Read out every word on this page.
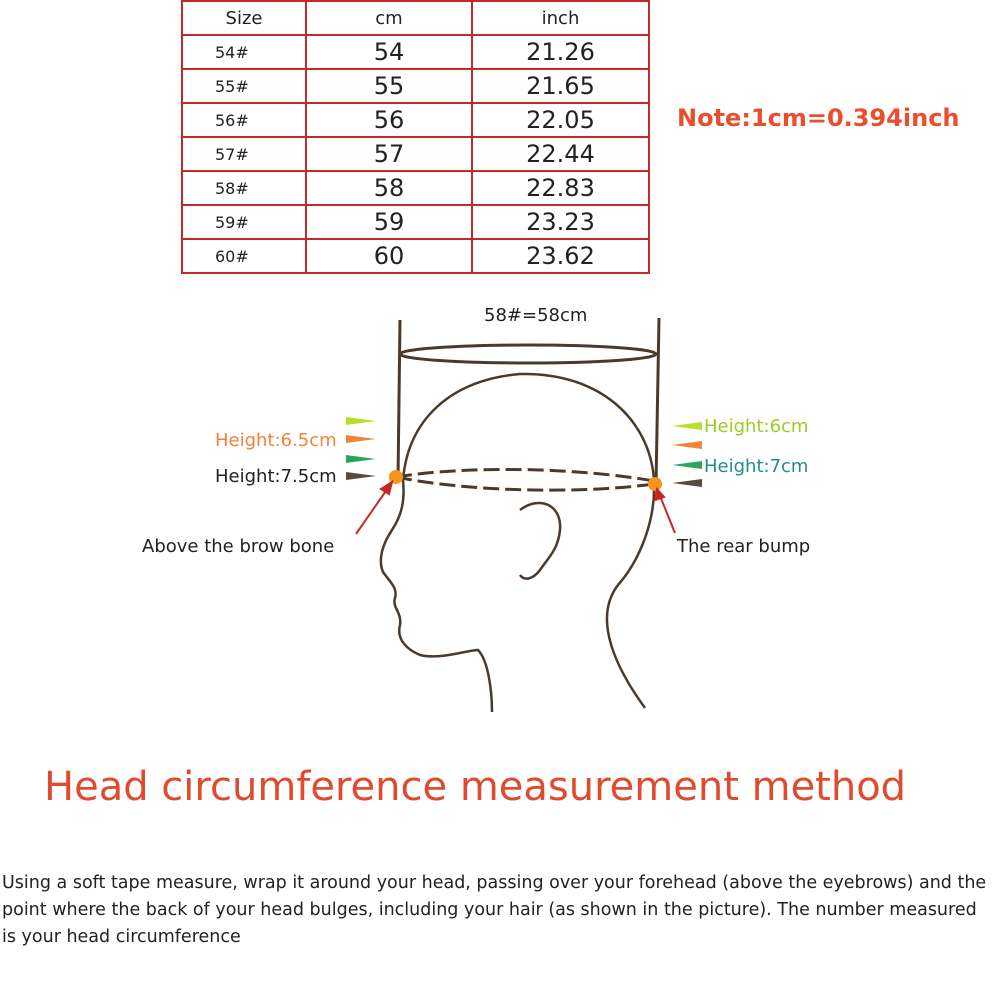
Size	cm	inch
54#	54	21.26
55#	55	21.65
56#	56	22.05
57#	57	22.44
58#	58	22.83
59#	59	23.23
60#	60	23.62
Note:1cm=0.394inch
58#=58cm
Height:6.5cm
Height:7.5cm
Height:6cm
Height:7cm
Above the brow bone	The rear bump
Head circumference measurement method
Using a soft tape measure, wrap it around your head, passing over your forehead (above the eyebrows) and the point where the back of your head bulges, including your hair (as shown in the picture). The number measured is your head circumference
